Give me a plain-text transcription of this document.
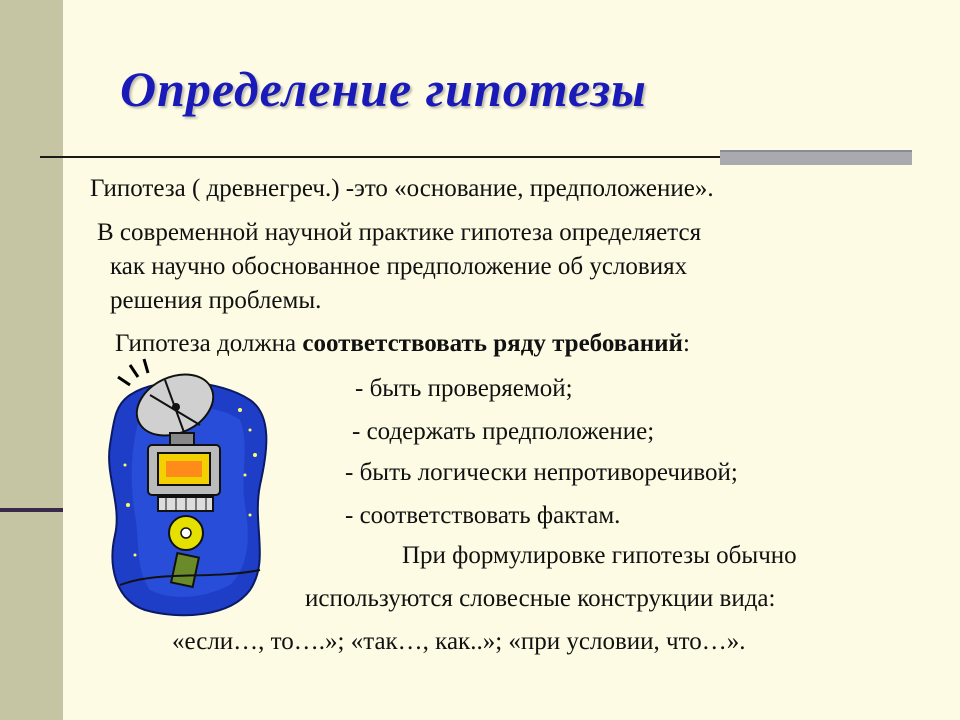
Определение гипотезы
Гипотеза ( древнегреч.) -это «основание, предположение».
В современной научной практике гипотеза определяется
как научно обоснованное предположение об условиях
решения проблемы.
Гипотеза должна соответствовать ряду требований:
- быть проверяемой;
- содержать предположение;
- быть логически непротиворечивой;
- соответствовать фактам.
При формулировке гипотезы обычно
используются словесные конструкции вида:
«если…, то….»; «так…, как..»; «при условии, что…».
